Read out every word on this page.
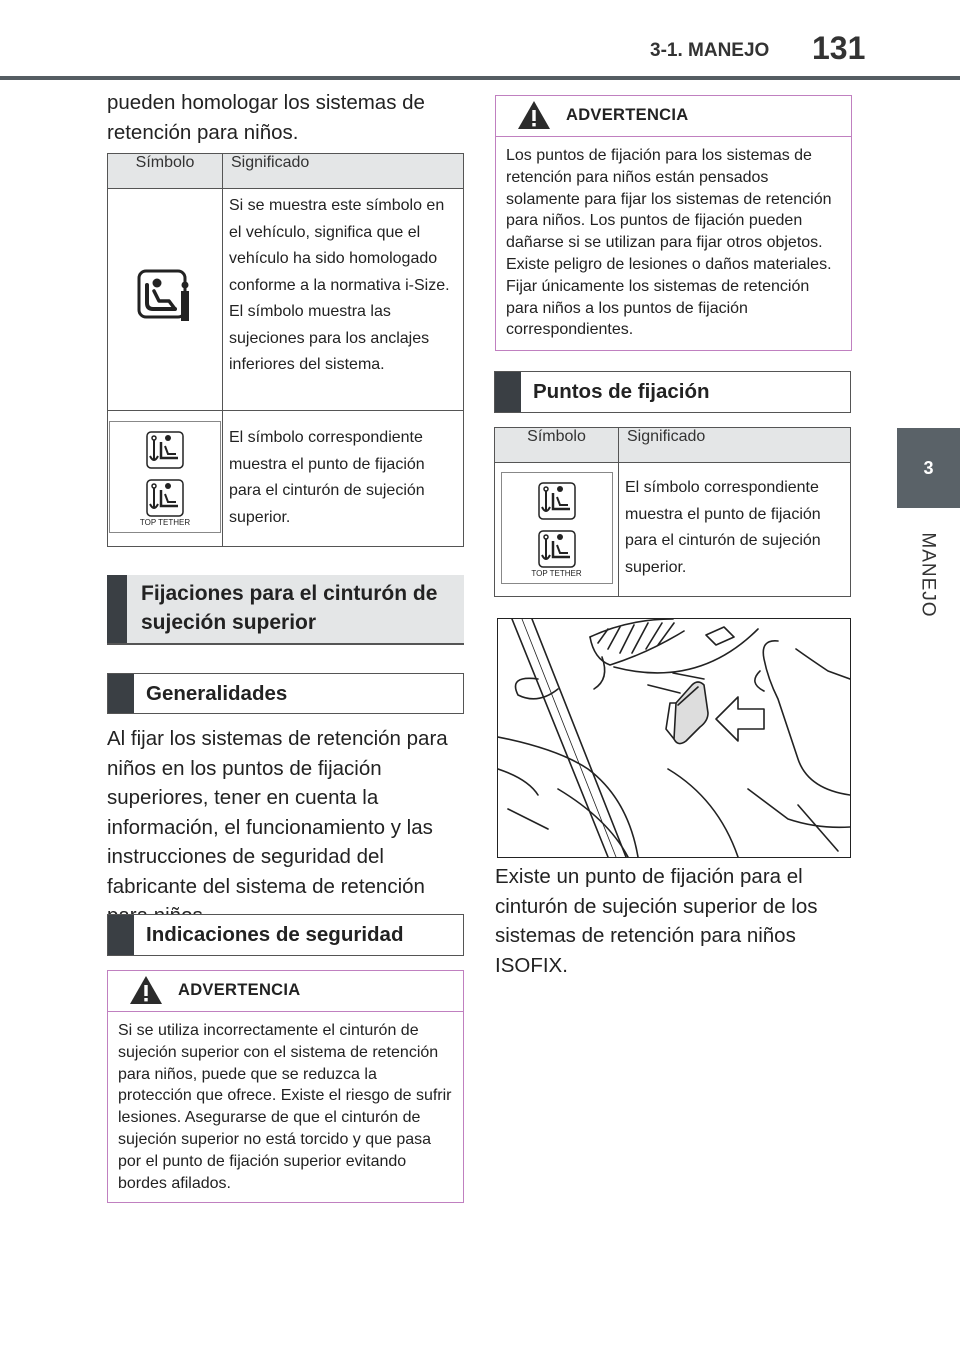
3-1. MANEJO 131
3
MANEJO

pueden homologar los sistemas de retención para niños.

Símbolo	Significado
	Si se muestra este símbolo en el vehículo, significa que el vehículo ha sido homologado conforme a la normativa i-Size. El símbolo muestra las sujeciones para los anclajes inferiores del sistema.

TOP TETHER	El símbolo correspondiente muestra el punto de fijación para el cinturón de sujeción superior.
Fijaciones para el cinturón de sujeción superior
Generalidades

Al fijar los sistemas de retención para niños en los puntos de fijación superiores, tener en cuenta la información, el funcionamiento y las instrucciones de seguridad del fabricante del sistema de retención

Indicaciones de seguridad
ADVERTENCIA
Si se utiliza incorrectamente el cinturón de sujeción superior con el sistema de retención para niños, puede que se reduzca la protección que ofrece. Existe el riesgo de sufrir lesiones. Asegurarse de que el cinturón de sujeción superior no está torcido y que pasa por el punto de fijación superior evitando bordes afilados.
ADVERTENCIA
Los puntos de fijación para los sistemas de retención para niños están pensados solamente para fijar los sistemas de retención para niños. Los puntos de fijación pueden dañarse si se utilizan para fijar otros objetos. Existe peligro de lesiones o daños materiales. Fijar únicamente los sistemas de retención para niños a los puntos de fijación correspondientes.
Puntos de fijación
Símbolo	Significado

TOP TETHER	El símbolo correspondiente muestra el punto de fijación para el cinturón de sujeción superior.

Existe un punto de fijación para el cinturón de sujeción superior de los sistemas de retención para niños ISOFIX.
